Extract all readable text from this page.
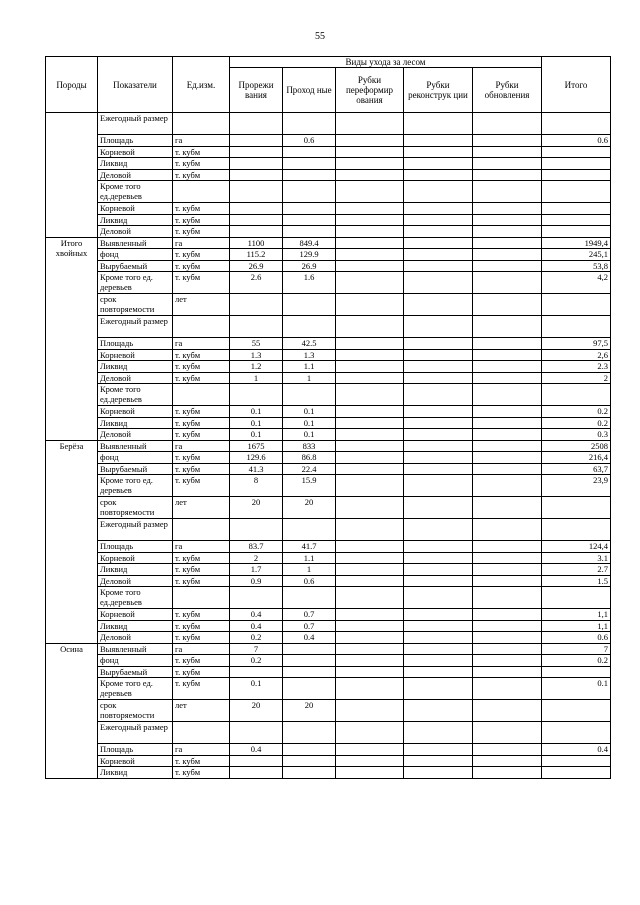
55
Породы	Показатели	Ед.изм.	Виды ухода за лесом					Итого
			Прорежи вания	Проход ные	Рубки переформир ования	Рубки реконструк ции	Рубки обновления	
	Ежегодный размер							
	Площадь	га		0.6				0.6
	Корневой	т. кубм						
	Ликвид	т. кубм						
	Деловой	т. кубм						
	Кроме того ед.деревьев							
	Корневой	т. кубм						
	Ликвид	т. кубм						
	Деловой	т. кубм						
Итого хвойных	Выявленный	га	1100	849.4				1949,4
	фонд	т. кубм	115.2	129.9				245,1
	Вырубаемый	т. кубм	26.9	26.9				53,8
	Кроме того ед. деревьев	т. кубм	2.6	1.6				4,2
	срок повторяемости	лет						
	Ежегодный размер							
	Площадь	га	55	42.5				97,5
	Корневой	т. кубм	1.3	1.3				2,6
	Ликвид	т. кубм	1.2	1.1				2.3
	Деловой	т. кубм	1	1				2
	Кроме того ед.деревьев							
	Корневой	т. кубм	0.1	0.1				0.2
	Ликвид	т. кубм	0.1	0.1				0.2
	Деловой	т. кубм	0.1	0.1				0.3
Берёза	Выявленный	га	1675	833				2508
	фонд	т. кубм	129.6	86.8				216,4
	Вырубаемый	т. кубм	41.3	22.4				63,7
	Кроме того ед. деревьев	т. кубм	8	15.9				23,9
	срок повторяемости	лет	20	20				
	Ежегодный размер							
	Площадь	га	83.7	41.7				124,4
	Корневой	т. кубм	2	1.1				3.1
	Ликвид	т. кубм	1.7	1				2.7
	Деловой	т. кубм	0.9	0.6				1.5
	Кроме того ед.деревьев							
	Корневой	т. кубм	0.4	0.7				1,1
	Ликвид	т. кубм	0.4	0.7				1,1
	Деловой	т. кубм	0.2	0.4				0.6
Осина	Выявленный	га	7					7
	фонд	т. кубм	0.2					0.2
	Вырубаемый	т. кубм						
	Кроме того ед. деревьев	т. кубм	0.1					0.1
	срок повторяемости	лет	20	20				
	Ежегодный размер							
	Площадь	га	0.4					0.4
	Корневой	т. кубм						
	Ликвид	т. кубм						
